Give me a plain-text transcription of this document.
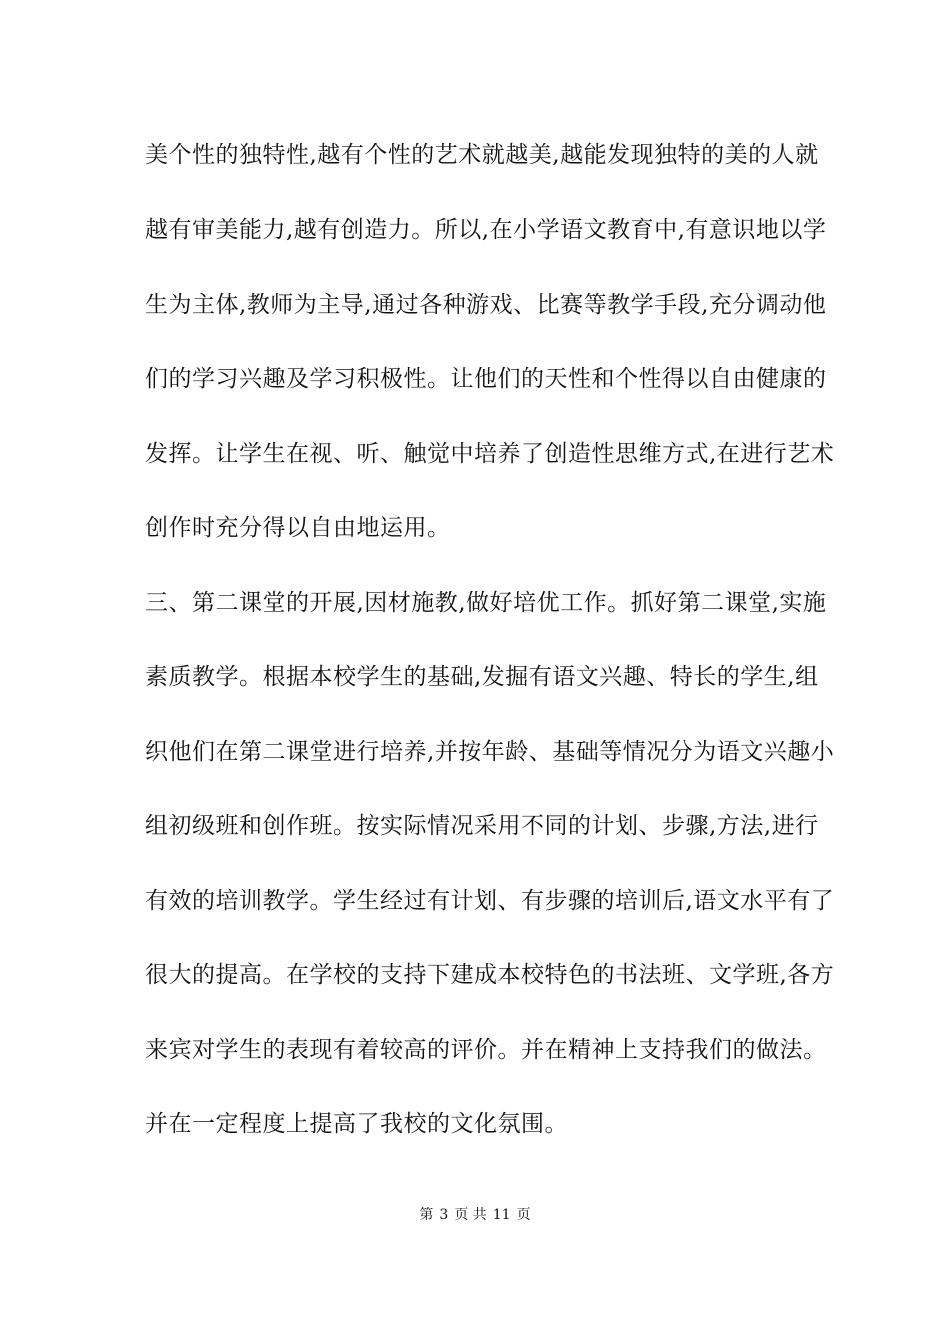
美个性的独特性,越有个性的艺术就越美,越能发现独特的美的人就
越有审美能力,越有创造力。所以,在小学语文教育中,有意识地以学
生为主体,教师为主导,通过各种游戏、比赛等教学手段,充分调动他
们的学习兴趣及学习积极性。让他们的天性和个性得以自由健康的
发挥。让学生在视、听、触觉中培养了创造性思维方式,在进行艺术
创作时充分得以自由地运用。
三、第二课堂的开展,因材施教,做好培优工作。抓好第二课堂,实施
素质教学。根据本校学生的基础,发掘有语文兴趣、特长的学生,组
织他们在第二课堂进行培养,并按年龄、基础等情况分为语文兴趣小
组初级班和创作班。按实际情况采用不同的计划、步骤,方法,进行
有效的培训教学。学生经过有计划、有步骤的培训后,语文水平有了
很大的提高。在学校的支持下建成本校特色的书法班、文学班,各方
来宾对学生的表现有着较高的评价。并在精神上支持我们的做法。
并在一定程度上提高了我校的文化氛围。
第 3 页 共 11 页
